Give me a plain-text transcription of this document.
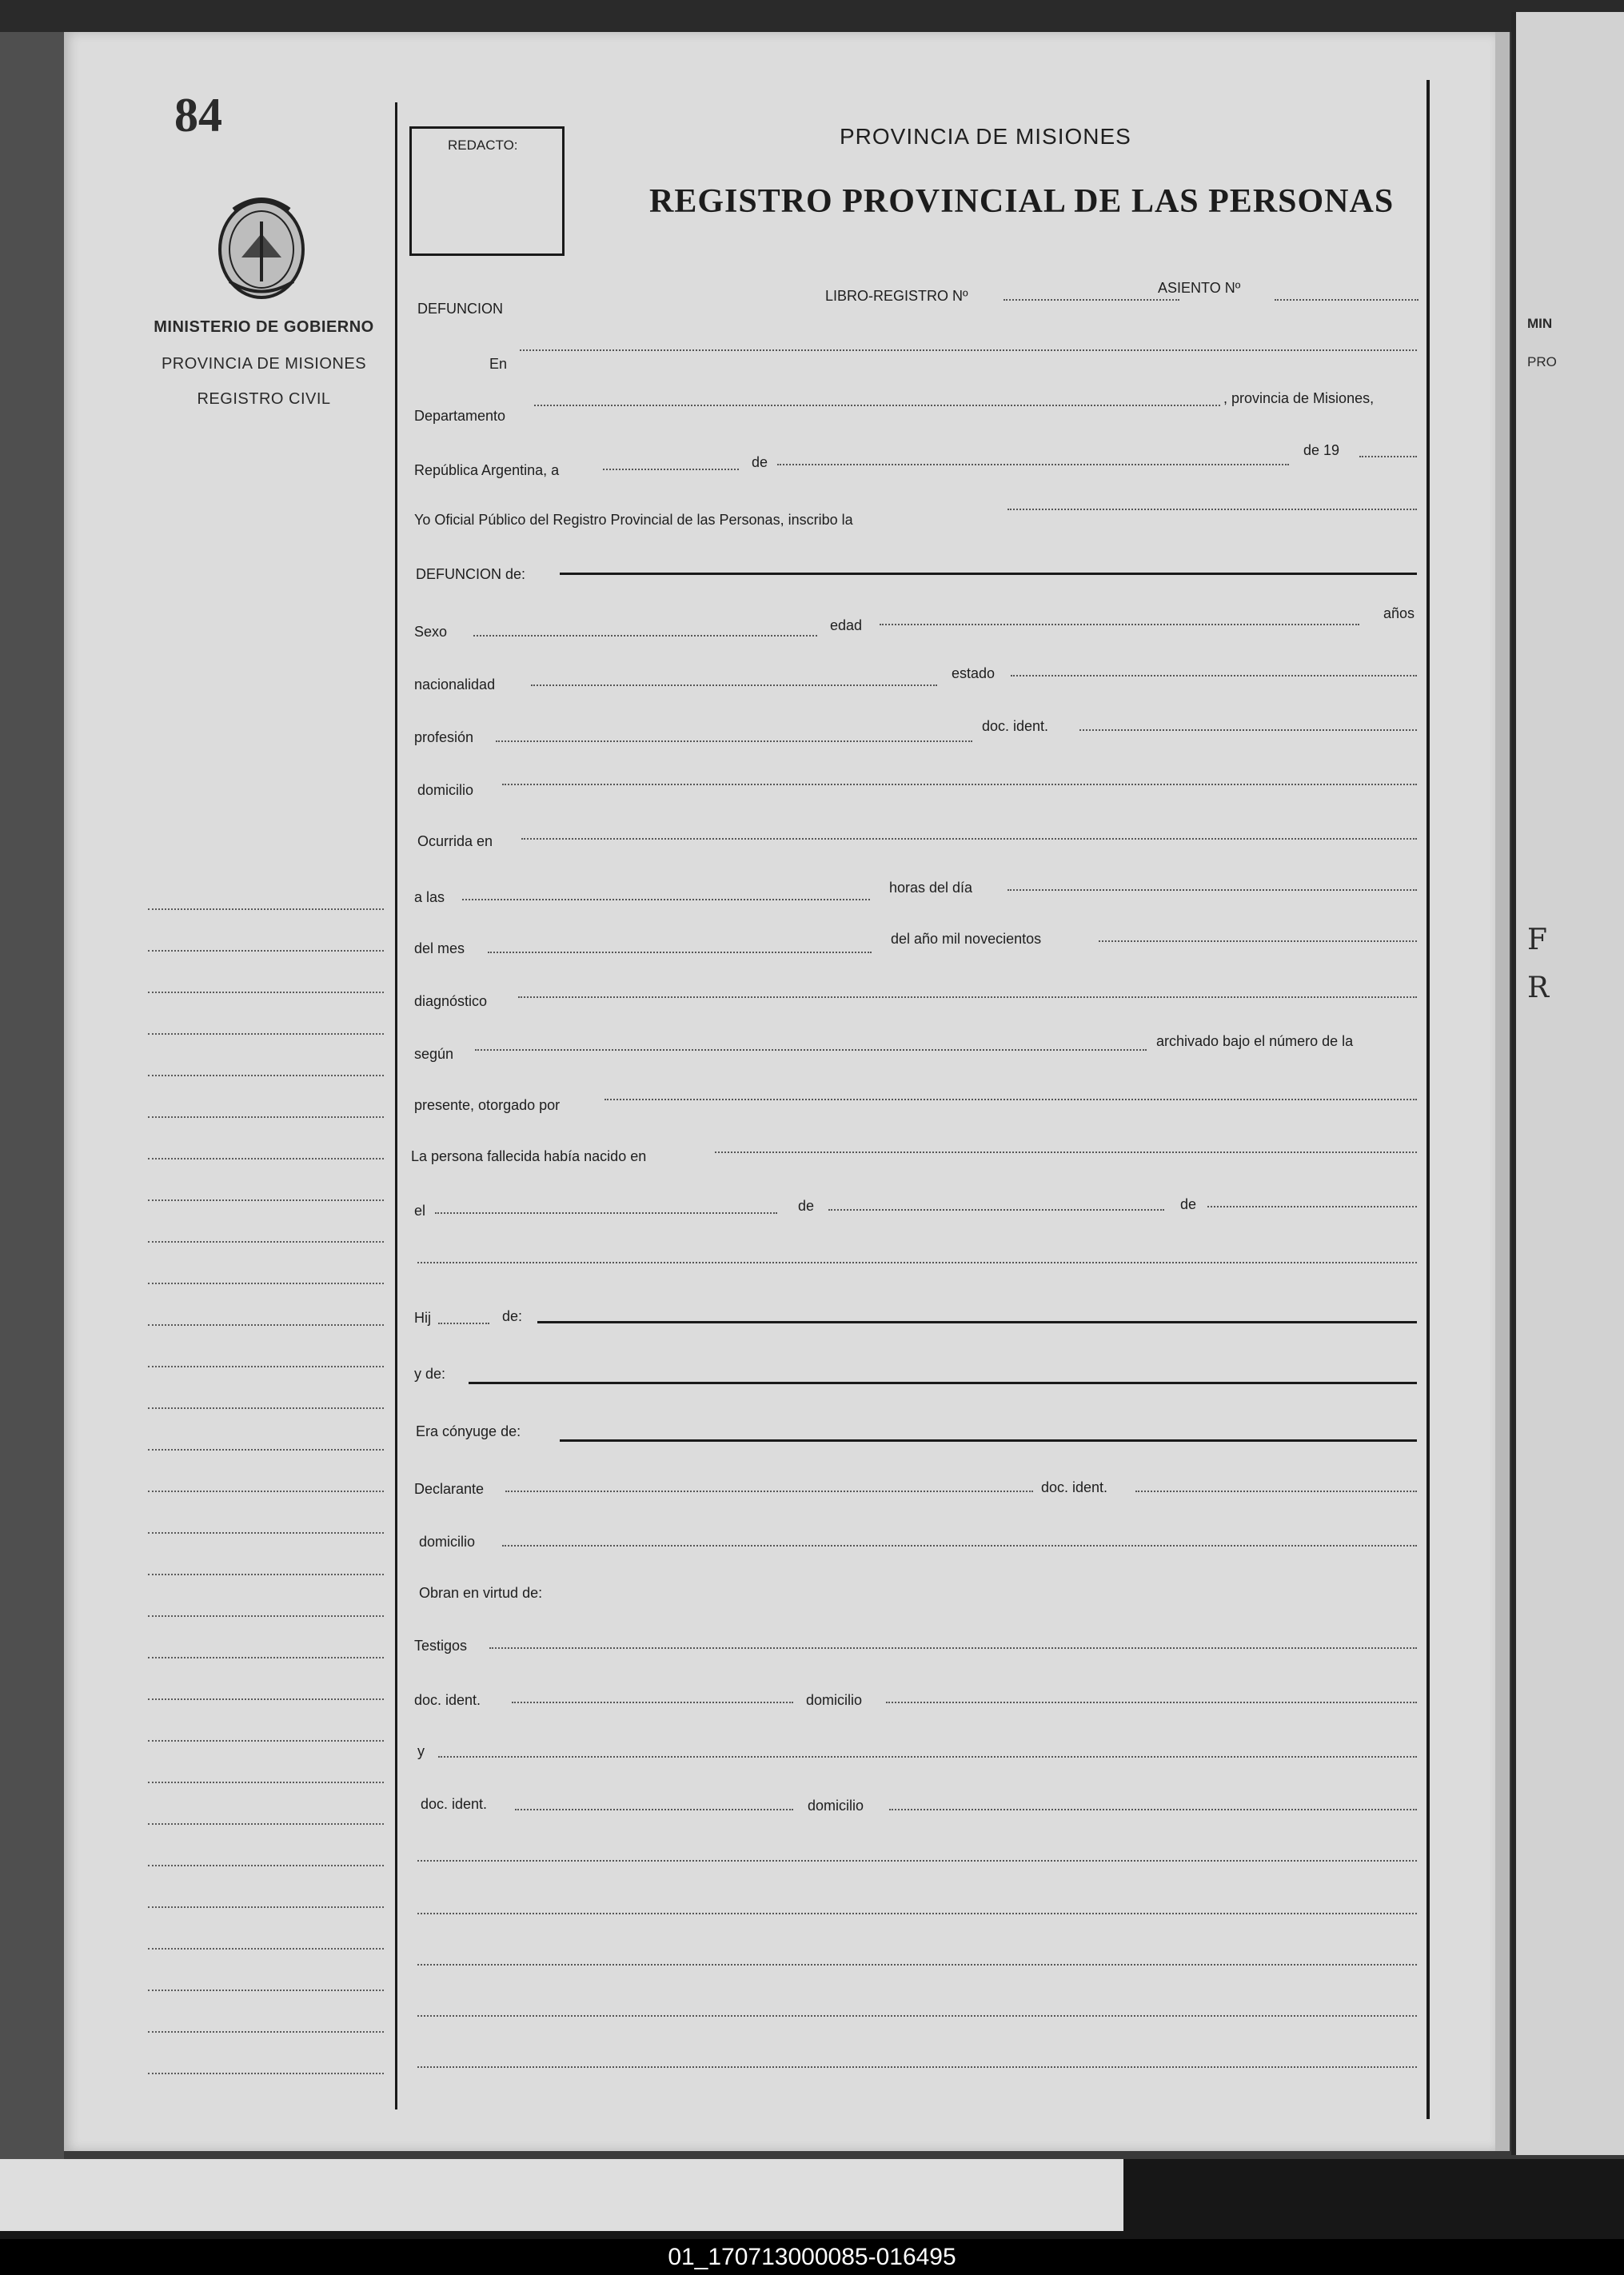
MIN
PRO
F
R
01_170713000085-016495
84
MINISTERIO DE GOBIERNO
PROVINCIA DE MISIONES
REGISTRO CIVIL
REDACTO:	PROVINCIA DE MISIONES
REGISTRO PROVINCIAL DE LAS PERSONAS
DEFUNCION
LIBRO-REGISTRO Nº	ASIENTO Nº
En
Departamento
, provincia de Misiones,
República Argentina, a	de
de 19
Yo Oficial Público del Registro Provincial de las Personas, inscribo la
DEFUNCION de:
Sexo	edad
años
nacionalidad
estado
profesión
doc. ident.
domicilio
Ocurrida en
a las
horas del día
del mes
del año mil novecientos
diagnóstico
según
archivado bajo el número de la
presente, otorgado por
La persona fallecida había nacido en
el	de	de
Hij	de:
y de:
Era cónyuge de:
Declarante	doc. ident.
domicilio
Obran en virtud de:
Testigos
doc. ident.	domicilio
y
doc. ident.	domicilio
